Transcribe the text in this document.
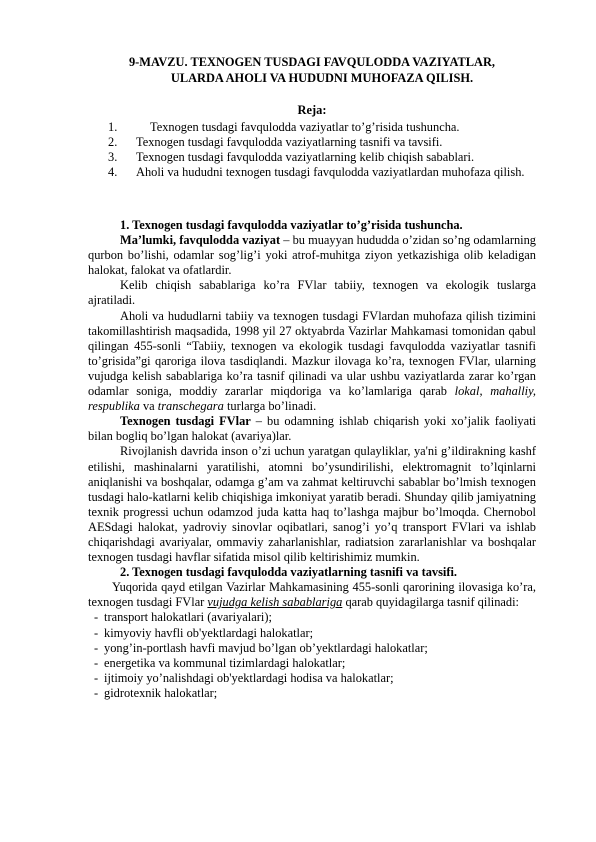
9-MAVZU. TEXNOGEN TUSDAGI FAVQULODDA VAZIYATLAR,
ULARDA AHOLI VA HUDUDNI MUHOFAZA QILISH.
Reja:
1.	Texnogen tusdagi favqulodda vaziyatlar to’g’risida tushuncha.
2.	Texnogen tusdagi favqulodda vaziyatlarning tasnifi va tavsifi.
3.	Texnogen tusdagi favqulodda vaziyatlarning kelib chiqish sabablari.
4.	Aholi va hududni texnogen tusdagi favqulodda vaziyatlardan muhofaza qilish.

1. Texnogen tusdagi favqulodda vaziyatlar to’g’risida tushuncha.

Ma’lumki, favqulodda vaziyat – bu muayyan hududda o’zidan so’ng odamlarning qurbon bo’lishi, odamlar sog’lig’i yoki atrof-muhitga ziyon yetkazishiga olib keladigan halokat, falokat va ofatlardir.

Kelib chiqish sabablariga ko’ra FVlar tabiiy, texnogen va ekologik tuslarga ajratiladi.

Aholi va hududlarni tabiiy va texnogen tusdagi FVlardan muhofaza qilish tizimini takomillashtirish maqsadida, 1998 yil 27 oktyabrda Vazirlar Mahkamasi tomonidan qabul qilingan 455-sonli “Tabiiy, texnogen va ekologik tusdagi favqulodda vaziyatlar tasnifi to’grisida”gi qaroriga ilova tasdiqlandi. Mazkur ilovaga ko’ra, texnogen FVlar, ularning vujudga kelish sabablariga ko’ra tasnif qilinadi va ular ushbu vaziyatlarda zarar ko’rgan odamlar soniga, moddiy zararlar miqdoriga va ko’lamlariga qarab lokal, mahalliy, respublika va transchegara turlarga bo’linadi.

Texnogen tusdagi FVlar – bu odamning ishlab chiqarish yoki xo’jalik faoliyati bilan bogliq bo’lgan halokat (avariya)lar.

Rivojlanish davrida inson o’zi uchun yaratgan qulayliklar, ya'ni g’ildirakning kashf etilishi, mashinalarni yaratilishi, atomni bo’ysundirilishi, elektromagnit to’lqinlarni aniqlanishi va boshqalar, odamga g’am va zahmat keltiruvchi sabablar bo’lmish texnogen tusdagi halo-katlarni kelib chiqishiga imkoniyat yaratib beradi. Shunday qilib jamiyatning texnik progressi uchun odamzod juda katta haq to’lashga majbur bo’lmoqda. Chernobol AESdagi halokat, yadroviy sinovlar oqibatlari, sanog’i yo’q transport FVlari va ishlab chiqarishdagi avariyalar, ommaviy zaharlanishlar, radiatsion zararlanishlar va boshqalar texnogen tusdagi havflar sifatida misol qilib keltirishimiz mumkin.

2. Texnogen tusdagi favqulodda vaziyatlarning tasnifi va tavsifi.

Yuqorida qayd etilgan Vazirlar Mahkamasining 455-sonli qarorining ilovasiga ko’ra, texnogen tusdagi FVlar vujudga kelish sabablariga qarab quyidagilarga tasnif qilinadi:

- transport halokatlari (avariyalari);
- kimyoviy havfli ob'yektlardagi halokatlar;
- yong’in-portlash havfi mavjud bo’lgan ob’yektlardagi halokatlar;
- energetika va kommunal tizimlardagi halokatlar;
- ijtimoiy yo’nalishdagi ob'yektlardagi hodisa va halokatlar;
- gidrotexnik halokatlar;
